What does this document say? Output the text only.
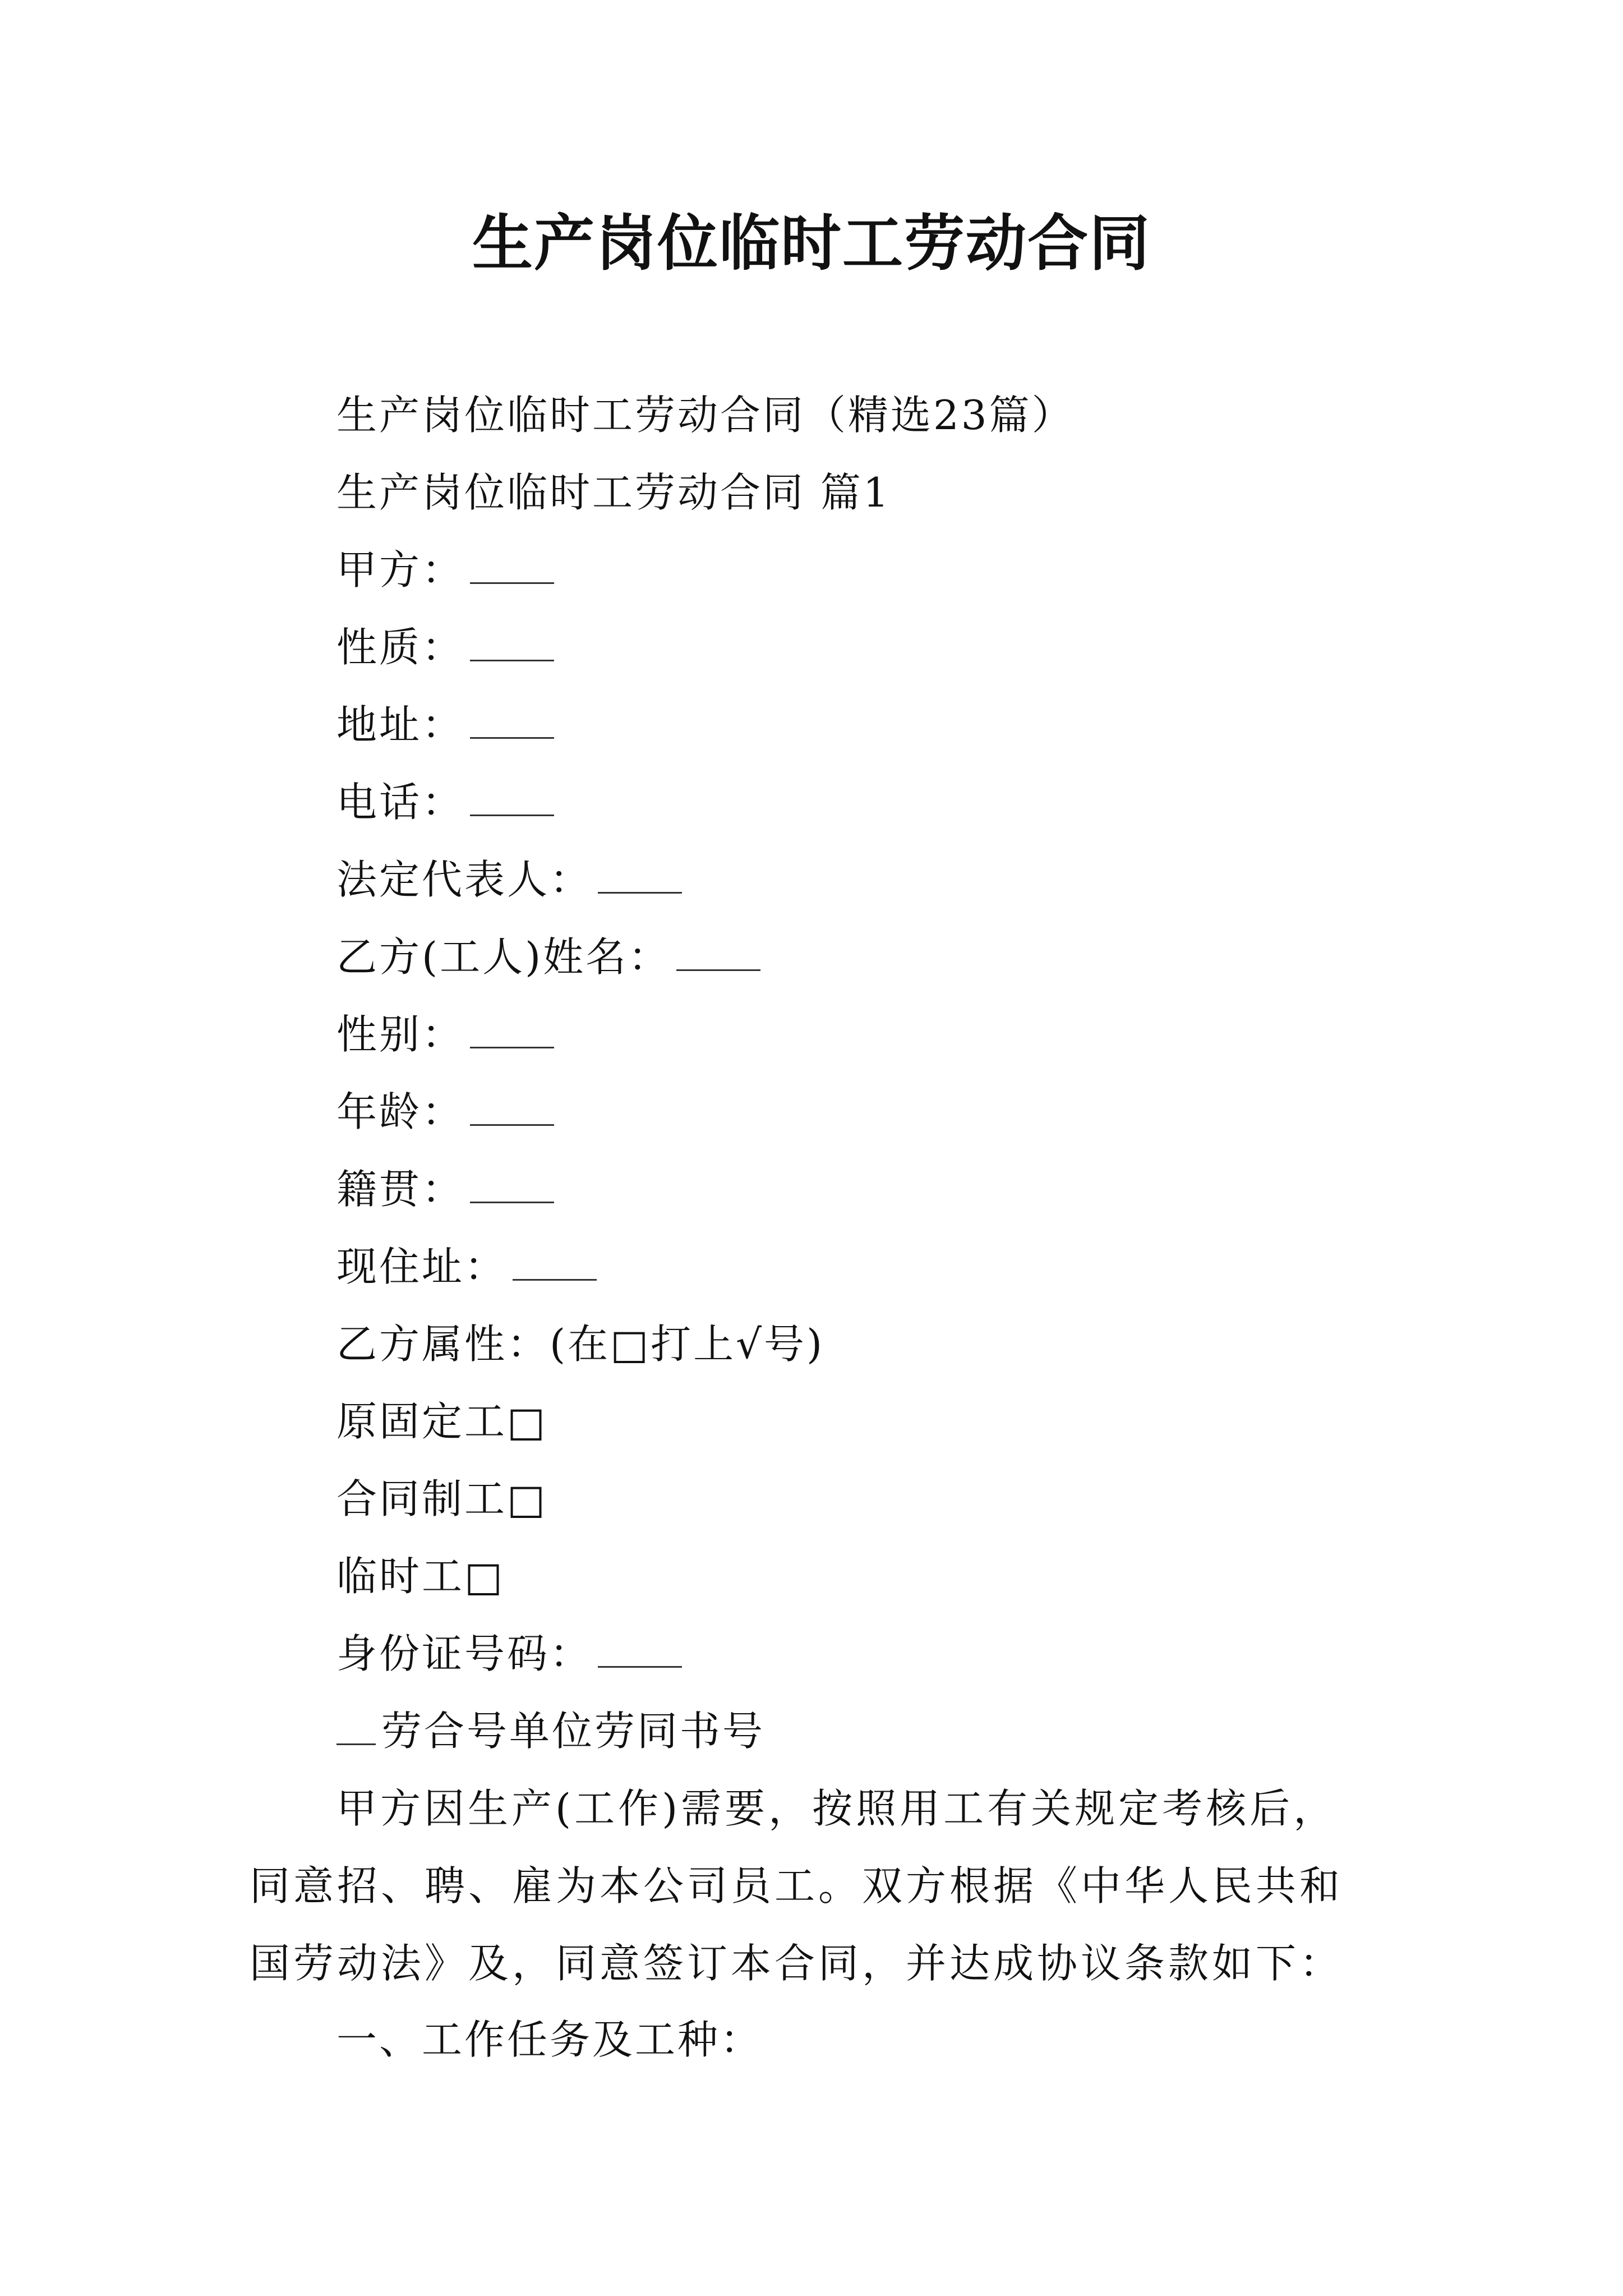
生产岗位临时工劳动合同
生产岗位临时工劳动合同（精选23篇）
生产岗位临时工劳动合同 篇1
甲方：
性质：
地址：
电话：
法定代表人：
乙方(工人)姓名：
性别：
年龄：
籍贯：
现住址：
乙方属性：(在□打上√号)
原固定工□
合同制工□
临时工□
身份证号码：
劳合号单位劳同书号
甲方因生产(工作)需要，按照用工有关规定考核后，同意招、聘、雇为本公司员工。双方根据《中华人民共和国劳动法》及，同意签订本合同，并达成协议条款如下：
一、工作任务及工种：
